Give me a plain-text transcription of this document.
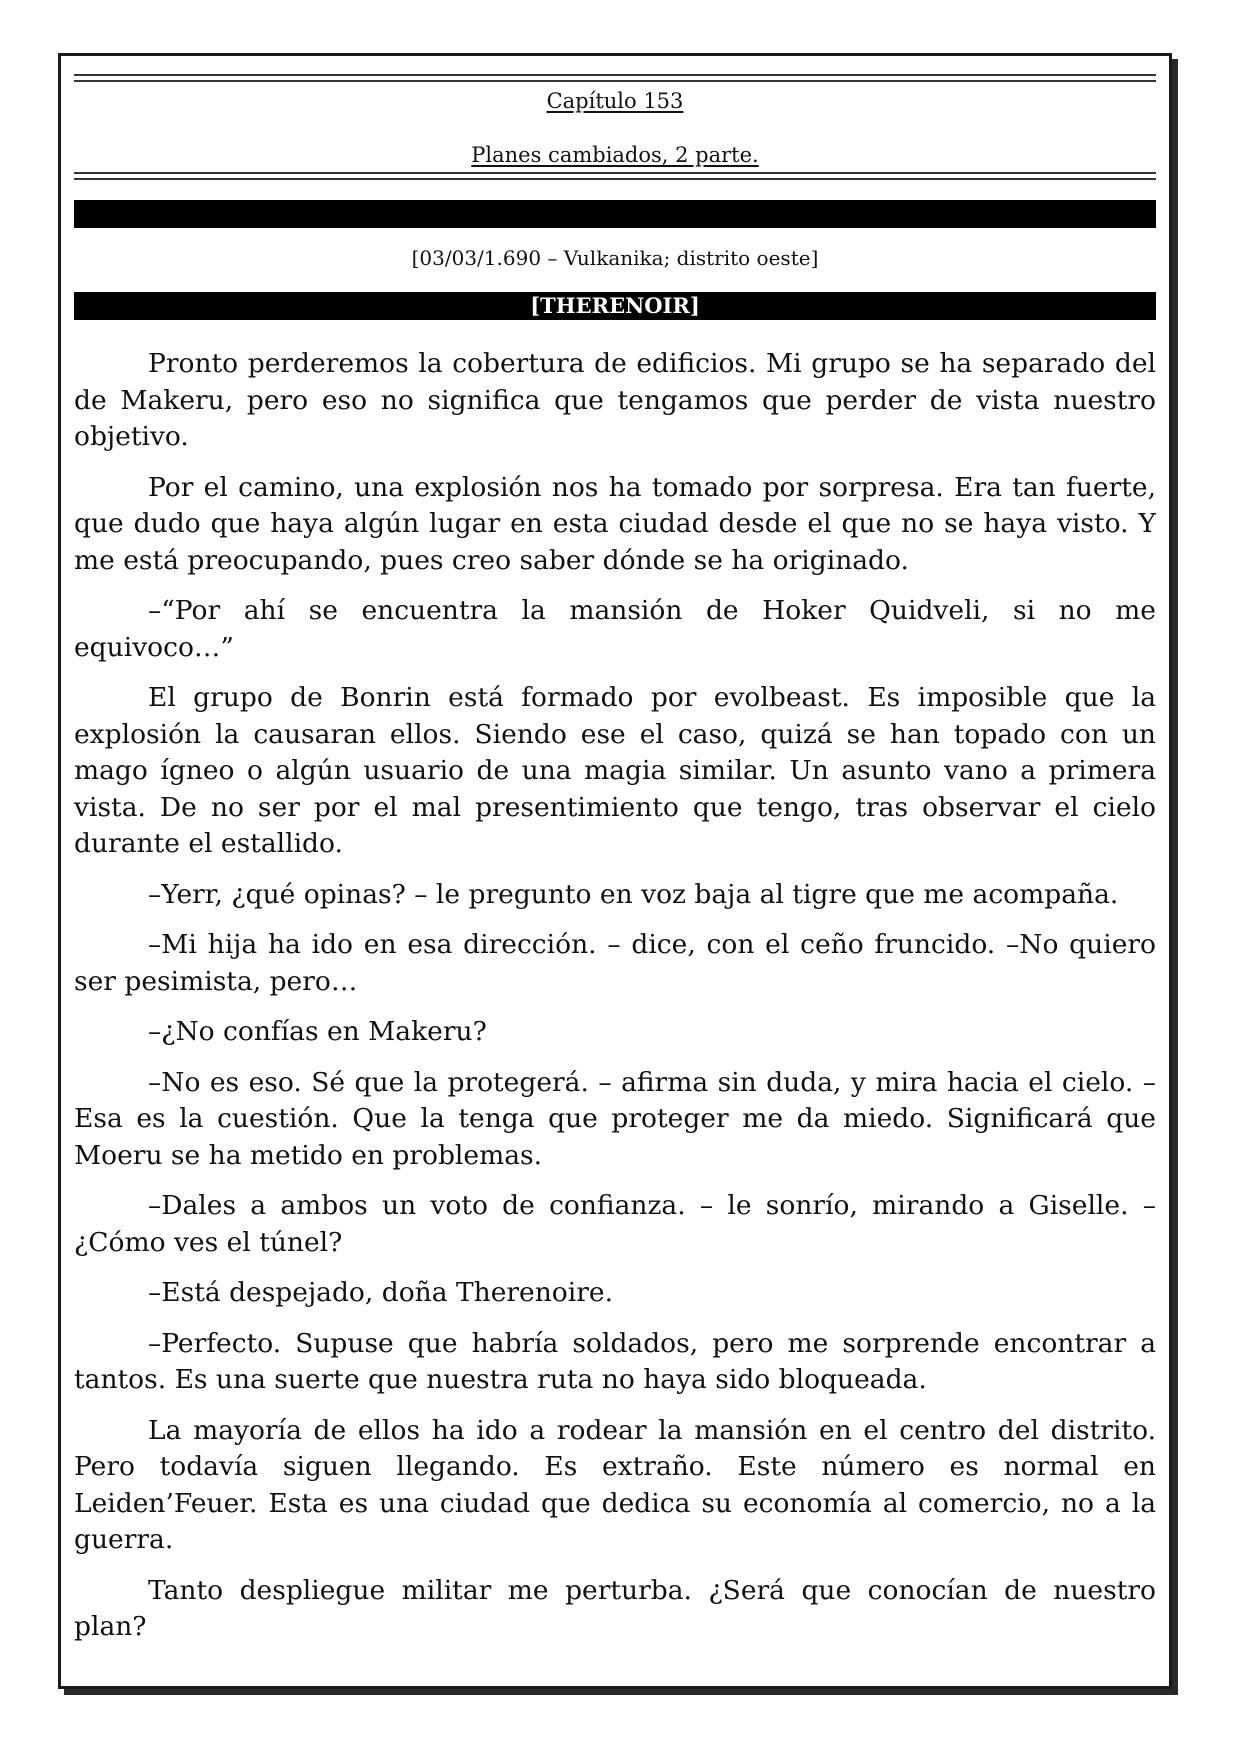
Capítulo 153
Planes cambiados, 2 parte.
[03/03/1.690 – Vulkanika; distrito oeste]
[THERENOIR]

Pronto perderemos la cobertura de edificios. Mi grupo se ha separado del de Makeru, pero eso no significa que tengamos que perder de vista nuestro objetivo.

Por el camino, una explosión nos ha tomado por sorpresa. Era tan fuerte, que dudo que haya algún lugar en esta ciudad desde el que no se haya visto. Y me está preocupando, pues creo saber dónde se ha originado.

–“Por ahí se encuentra la mansión de Hoker Quidveli, si no me equivoco…”

El grupo de Bonrin está formado por evolbeast. Es imposible que la explosión la causaran ellos. Siendo ese el caso, quizá se han topado con un mago ígneo o algún usuario de una magia similar. Un asunto vano a primera vista. De no ser por el mal presentimiento que tengo, tras observar el cielo durante el estallido.

–Yerr, ¿qué opinas? – le pregunto en voz baja al tigre que me acompaña.

–Mi hija ha ido en esa dirección. – dice, con el ceño fruncido. –No quiero ser pesimista, pero…

–¿No confías en Makeru?

–No es eso. Sé que la protegerá. – afirma sin duda, y mira hacia el cielo. –Esa es la cuestión. Que la tenga que proteger me da miedo. Significará que Moeru se ha metido en problemas.

–Dales a ambos un voto de confianza. – le sonrío, mirando a Giselle. –¿Cómo ves el túnel?

–Está despejado, doña Therenoire.

–Perfecto. Supuse que habría soldados, pero me sorprende encontrar a tantos. Es una suerte que nuestra ruta no haya sido bloqueada.

La mayoría de ellos ha ido a rodear la mansión en el centro del distrito. Pero todavía siguen llegando. Es extraño. Este número es normal en Leiden’Feuer. Esta es una ciudad que dedica su economía al comercio, no a la guerra.

Tanto despliegue militar me perturba. ¿Será que conocían de nuestro plan?
